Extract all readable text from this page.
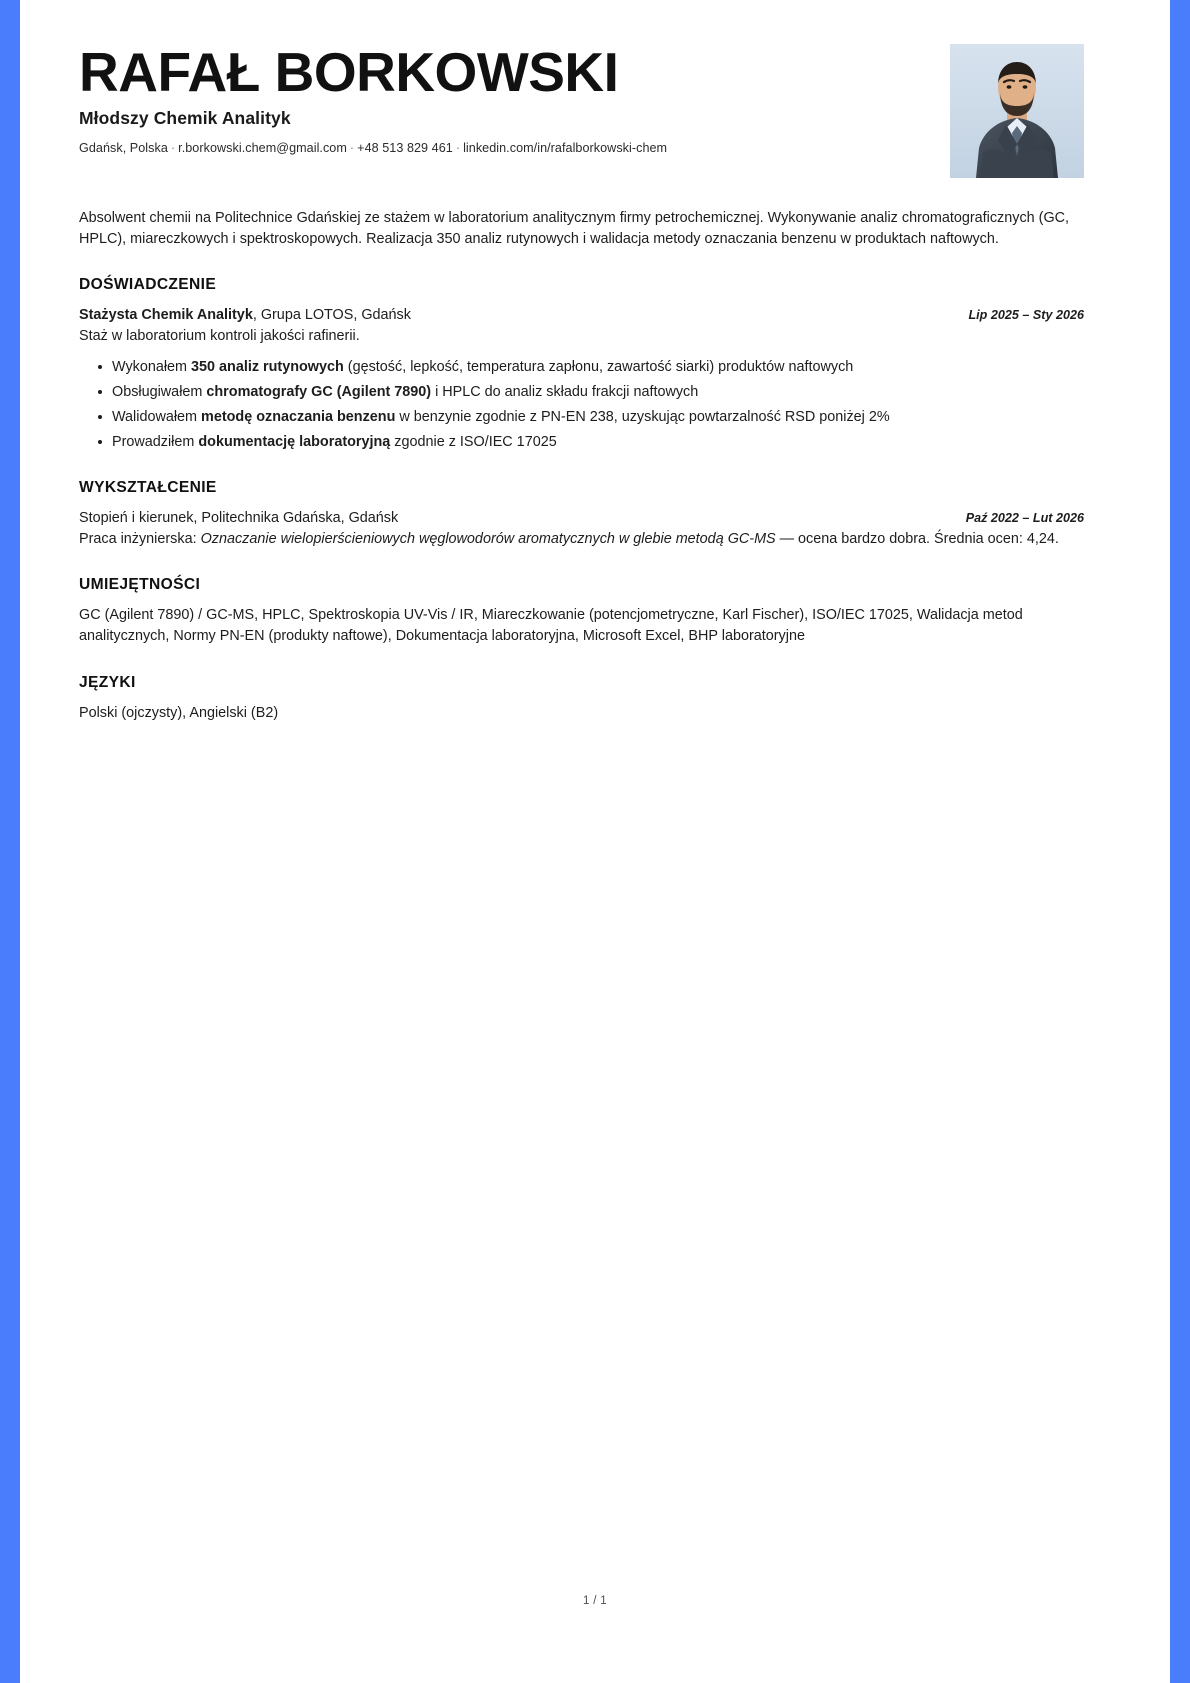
RAFAŁ BORKOWSKI
Młodszy Chemik Analityk
Gdańsk, Polska · r.borkowski.chem@gmail.com · +48 513 829 461 · linkedin.com/in/rafalborkowski-chem
Absolwent chemii na Politechnice Gdańskiej ze stażem w laboratorium analitycznym firmy petrochemicznej. Wykonywanie analiz chromatograficznych (GC, HPLC), miareczkowych i spektroskopowych. Realizacja 350 analiz rutynowych i walidacja metody oznaczania benzenu w produktach naftowych.
DOŚWIADCZENIE
Stażysta Chemik Analityk, Grupa LOTOS, Gdańsk	Lip 2025 – Sty 2026
Staż w laboratorium kontroli jakości rafinerii.
Wykonałem 350 analiz rutynowych (gęstość, lepkość, temperatura zapłonu, zawartość siarki) produktów naftowych
Obsługiwałem chromatografy GC (Agilent 7890) i HPLC do analiz składu frakcji naftowych
Walidowałem metodę oznaczania benzenu w benzynie zgodnie z PN-EN 238, uzyskując powtarzalność RSD poniżej 2%
Prowadziłem dokumentację laboratoryjną zgodnie z ISO/IEC 17025
WYKSZTAŁCENIE
Stopień i kierunek, Politechnika Gdańska, Gdańsk	Paź 2022 – Lut 2026
Praca inżynierska: Oznaczanie wielopierścieniowych węglowodorów aromatycznych w glebie metodą GC-MS — ocena bardzo dobra. Średnia ocen: 4,24.
UMIEJĘTNOŚCI
GC (Agilent 7890) / GC-MS, HPLC, Spektroskopia UV-Vis / IR, Miareczkowanie (potencjometryczne, Karl Fischer), ISO/IEC 17025, Walidacja metod analitycznych, Normy PN-EN (produkty naftowe), Dokumentacja laboratoryjna, Microsoft Excel, BHP laboratoryjne
JĘZYKI
Polski (ojczysty), Angielski (B2)
1 / 1
